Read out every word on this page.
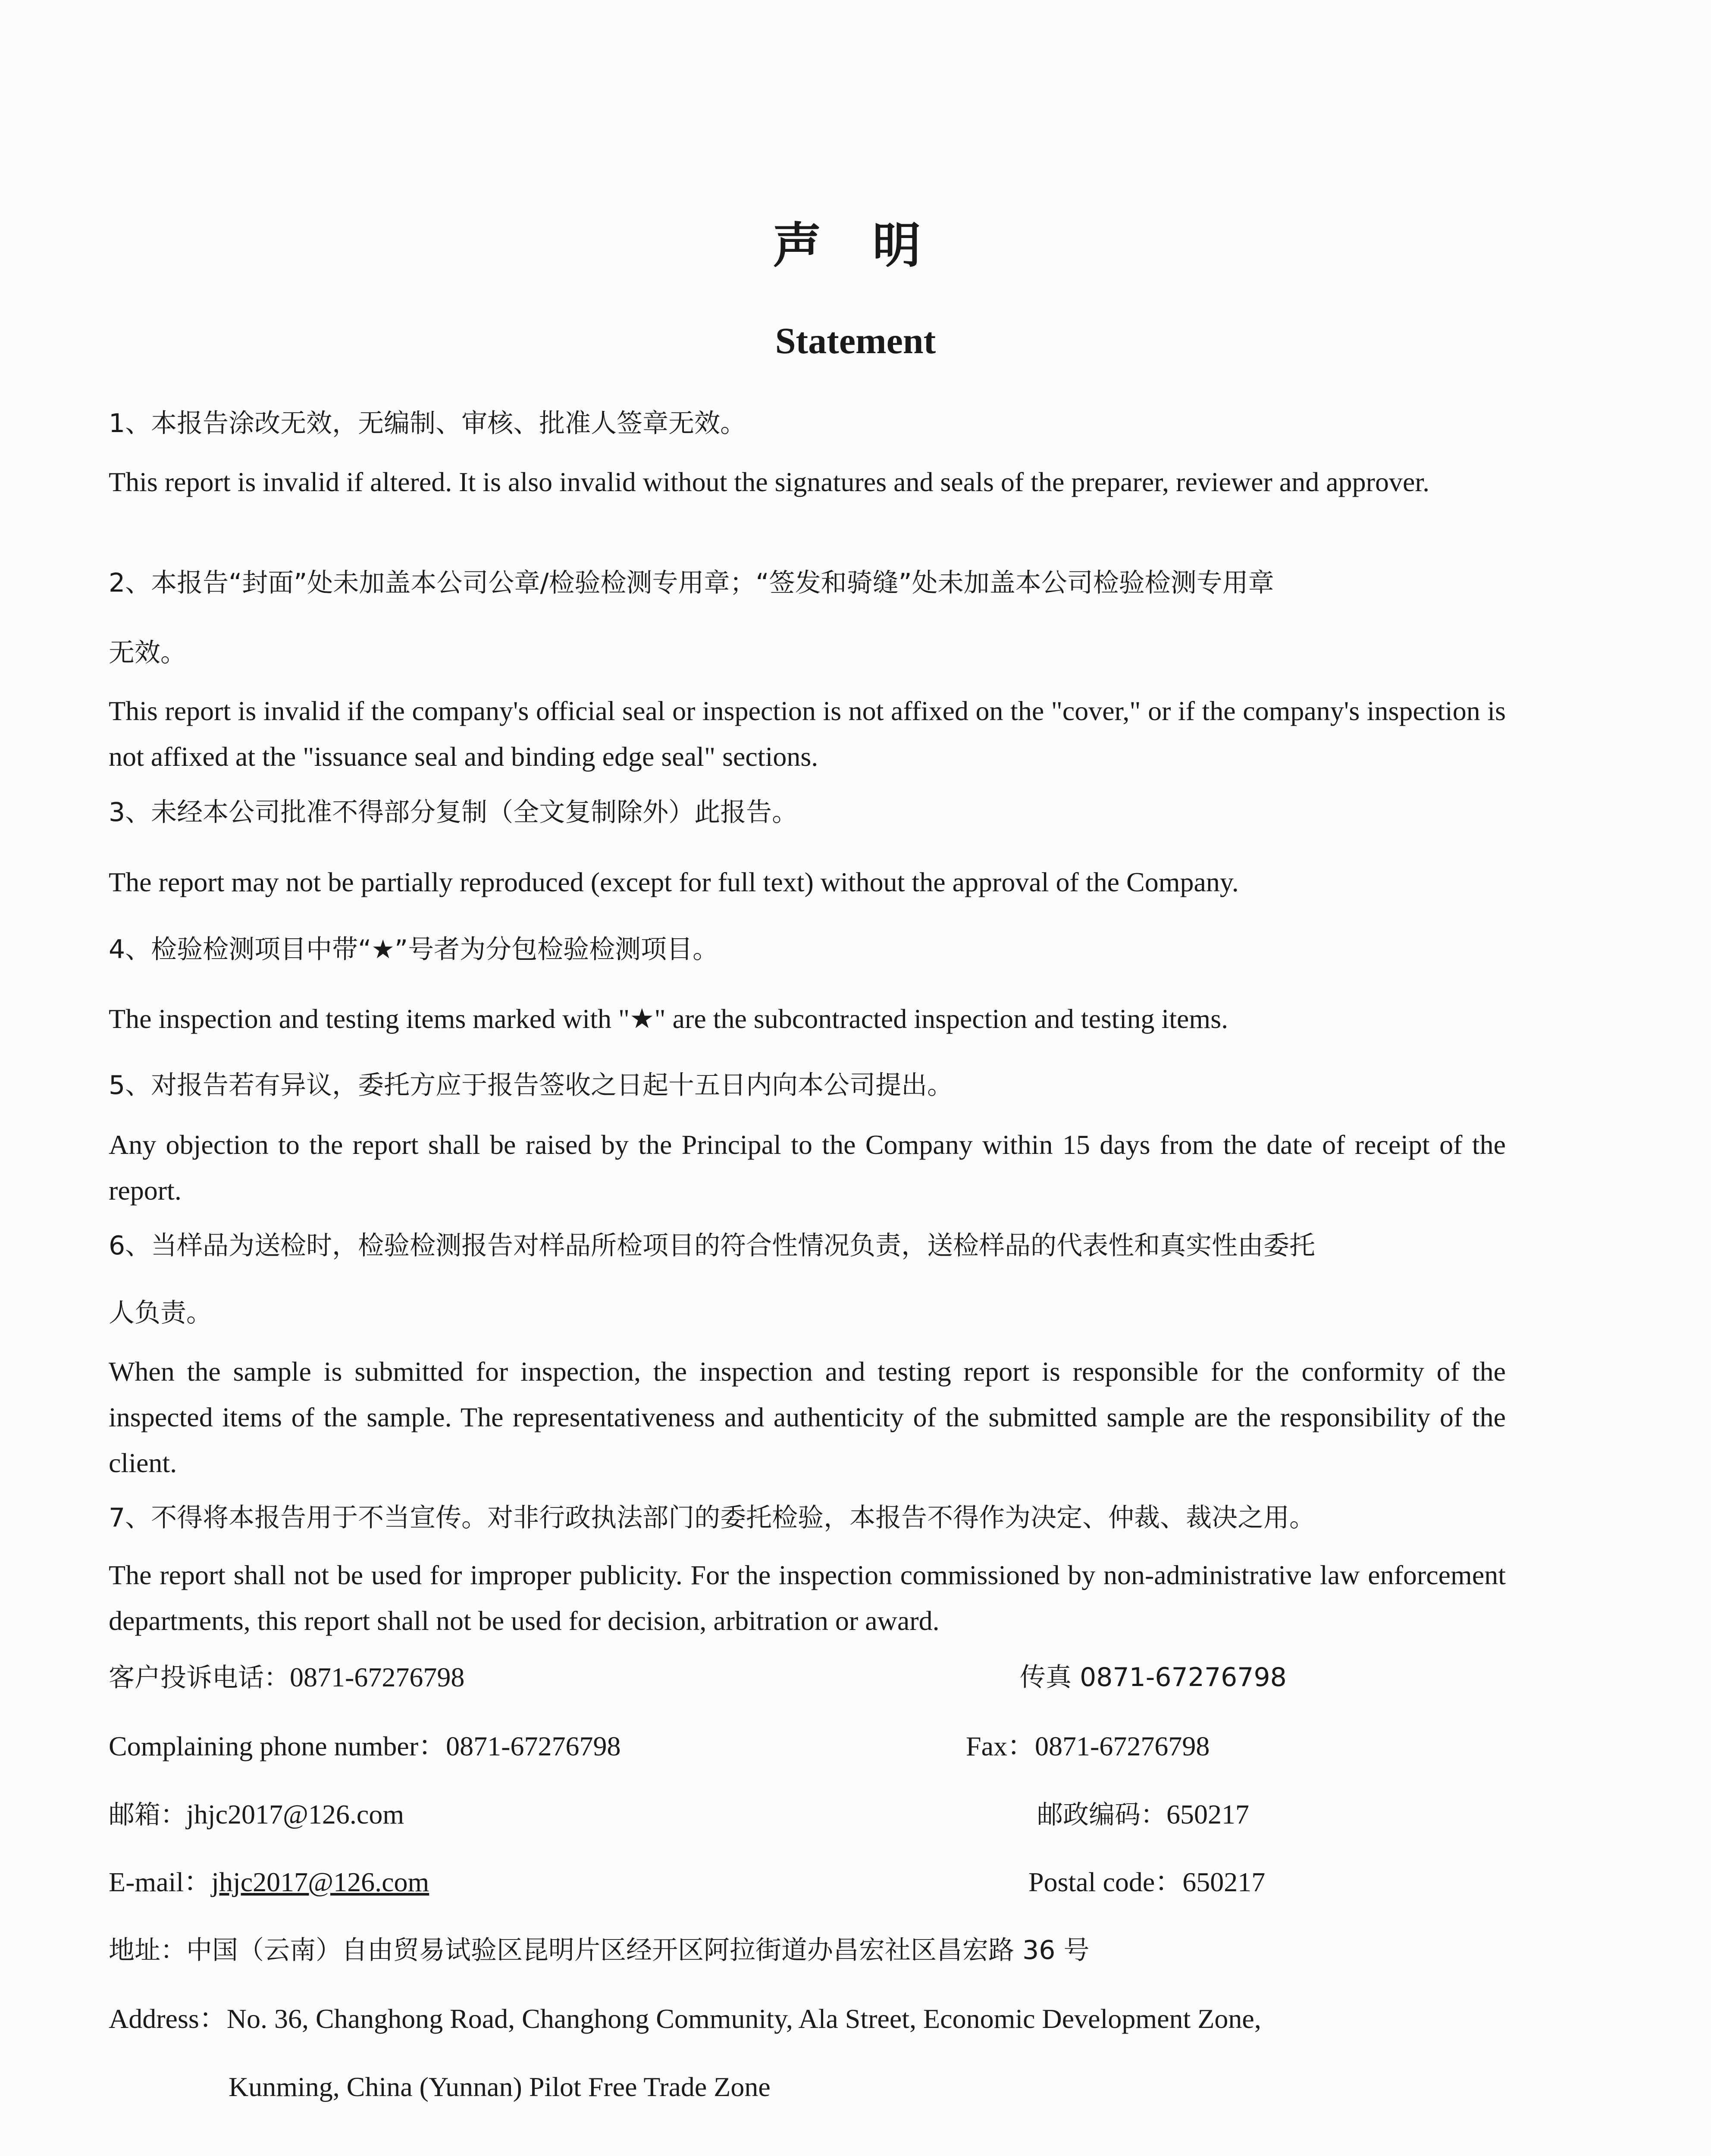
声 明
Statement
1、本报告涂改无效，无编制、审核、批准人签章无效。
This report is invalid if altered. It is also invalid without the signatures and seals of the preparer, reviewer and approver.
2、本报告“封面”处未加盖本公司公章/检验检测专用章；“签发和骑缝”处未加盖本公司检验检测专用章
无效。
This report is invalid if the company's official seal or inspection is not affixed on the "cover," or if the company's inspection is not affixed at the "issuance seal and binding edge seal" sections.
3、未经本公司批准不得部分复制（全文复制除外）此报告。
The report may not be partially reproduced (except for full text) without the approval of the Company.
4、检验检测项目中带“★”号者为分包检验检测项目。
The inspection and testing items marked with "★" are the subcontracted inspection and testing items.
5、对报告若有异议，委托方应于报告签收之日起十五日内向本公司提出。
Any objection to the report shall be raised by the Principal to the Company within 15 days from the date of receipt of the report.
6、当样品为送检时，检验检测报告对样品所检项目的符合性情况负责，送检样品的代表性和真实性由委托
人负责。
When the sample is submitted for inspection, the inspection and testing report is responsible for the conformity of the inspected items of the sample. The representativeness and authenticity of the submitted sample are the responsibility of the client.
7、不得将本报告用于不当宣传。对非行政执法部门的委托检验，本报告不得作为决定、仲裁、裁决之用。
The report shall not be used for improper publicity. For the inspection commissioned by non-administrative law enforcement departments, this report shall not be used for decision, arbitration or award.
客户投诉电话：0871-67276798	传真 0871-67276798
Complaining phone number：0871-67276798	Fax：0871-67276798
邮箱：jhjc2017@126.com	邮政编码：650217
E-mail：jhjc2017@126.com	Postal code：650217
地址：中国（云南）自由贸易试验区昆明片区经开区阿拉街道办昌宏社区昌宏路 36 号
Address：No. 36, Changhong Road, Changhong Community, Ala Street, Economic Development Zone,
Kunming, China (Yunnan) Pilot Free Trade Zone
